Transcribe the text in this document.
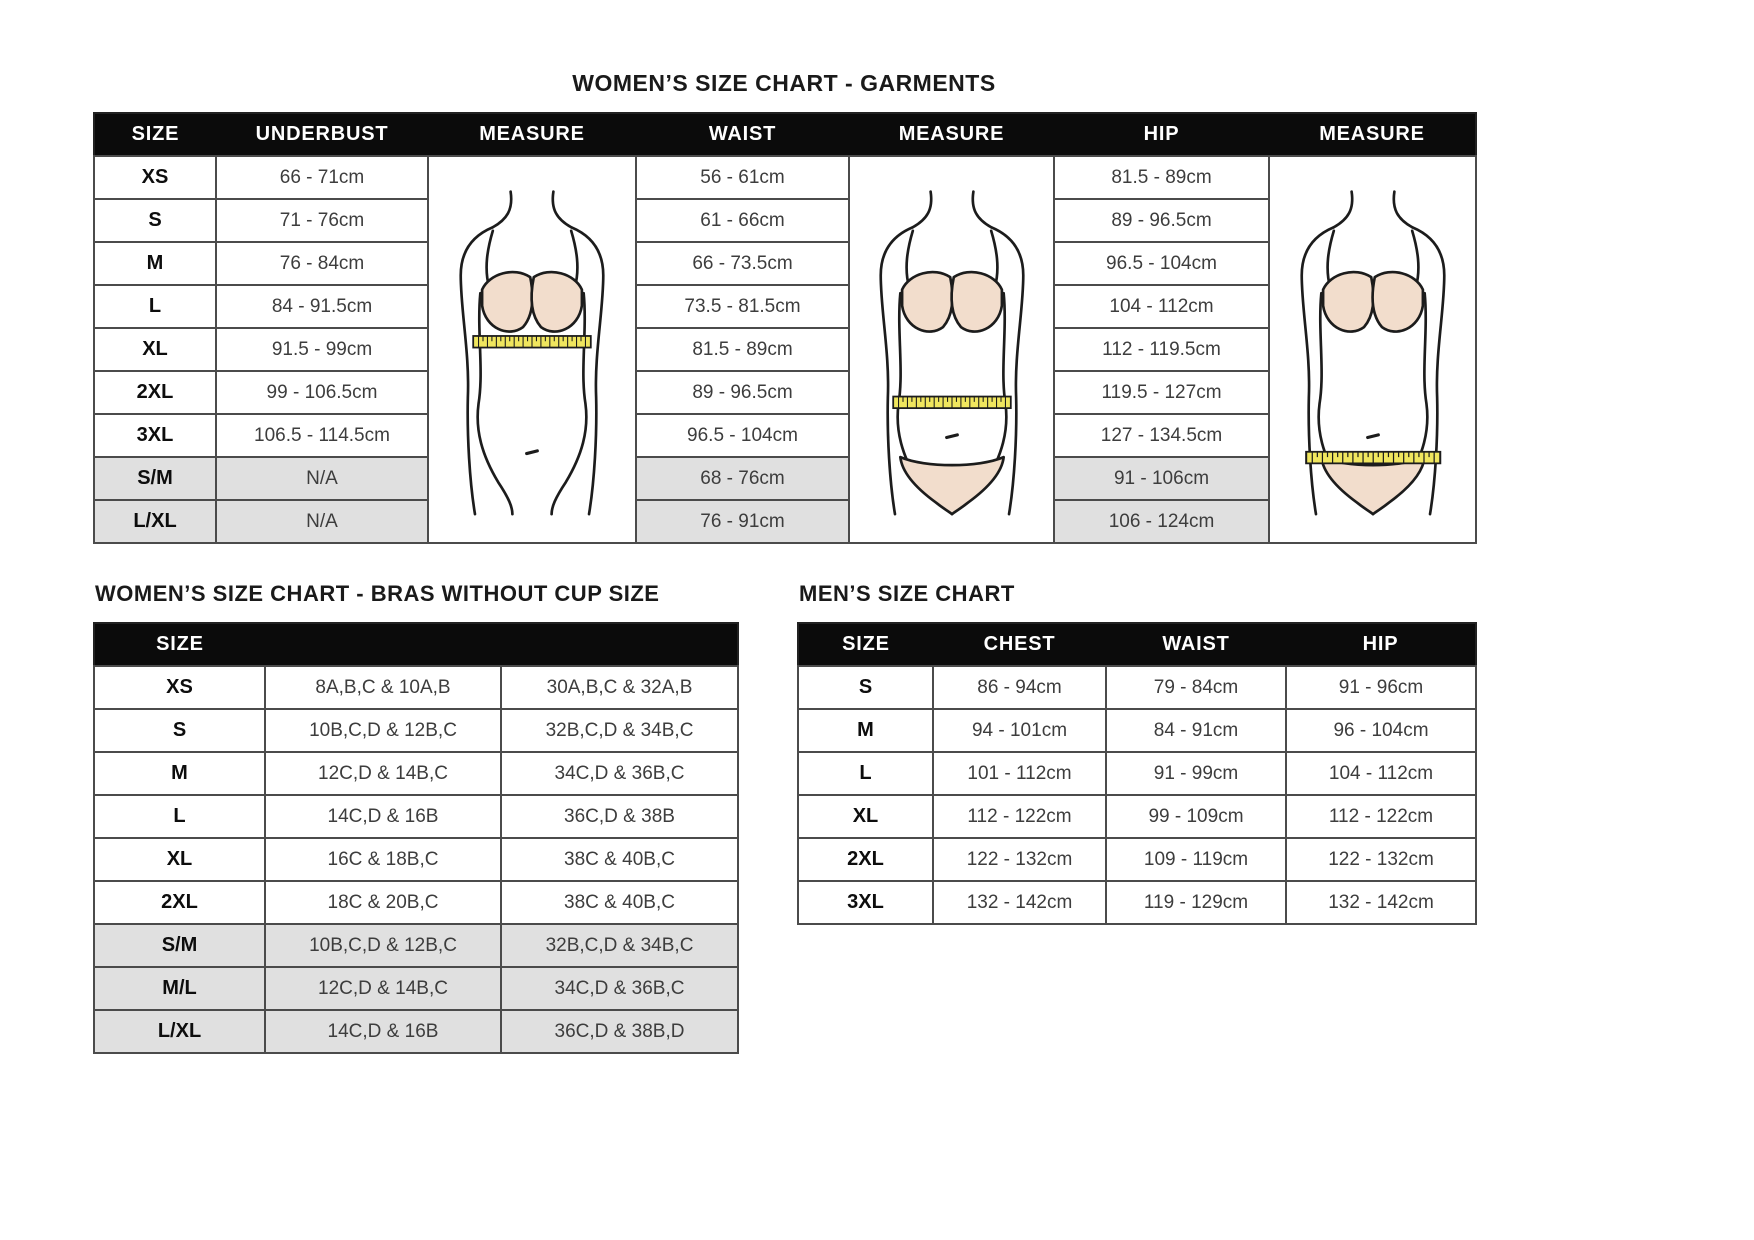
WOMEN’S SIZE CHART - GARMENTS
WOMEN’S SIZE CHART - BRAS WITHOUT CUP SIZE	MEN’S SIZE CHART
SIZE	UNDERBUST	MEASURE	WAIST	MEASURE	HIP	MEASURE
XS	66 - 71cm		56 - 61cm		81.5 - 89cm	

S	71 - 76cm		61 - 66cm		89 - 96.5cm	
M	76 - 84cm		66 - 73.5cm		96.5 - 104cm	
L	84 - 91.5cm		73.5 - 81.5cm		104 - 112cm	
XL	91.5 - 99cm		81.5 - 89cm		112 - 119.5cm	
2XL	99 - 106.5cm		89 - 96.5cm		119.5 - 127cm	
3XL	106.5 - 114.5cm		96.5 - 104cm		127 - 134.5cm	
S/M	N/A		68 - 76cm		91 - 106cm	
L/XL	N/A		76 - 91cm		106 - 124cm	
SIZE		
XS	8A,B,C & 10A,B	30A,B,C & 32A,B
S	10B,C,D & 12B,C	32B,C,D & 34B,C
M	12C,D & 14B,C	34C,D & 36B,C
L	14C,D & 16B	36C,D & 38B
XL	16C & 18B,C	38C & 40B,C
2XL	18C & 20B,C	38C & 40B,C
S/M	10B,C,D & 12B,C	32B,C,D & 34B,C
M/L	12C,D & 14B,C	34C,D & 36B,C
L/XL	14C,D & 16B	36C,D & 38B,D
SIZE	CHEST	WAIST	HIP
S	86 - 94cm	79 - 84cm	91 - 96cm
M	94 - 101cm	84 - 91cm	96 - 104cm
L	101 - 112cm	91 - 99cm	104 - 112cm
XL	112 - 122cm	99 - 109cm	112 - 122cm
2XL	122 - 132cm	109 - 119cm	122 - 132cm
3XL	132 - 142cm	119 - 129cm	132 - 142cm
